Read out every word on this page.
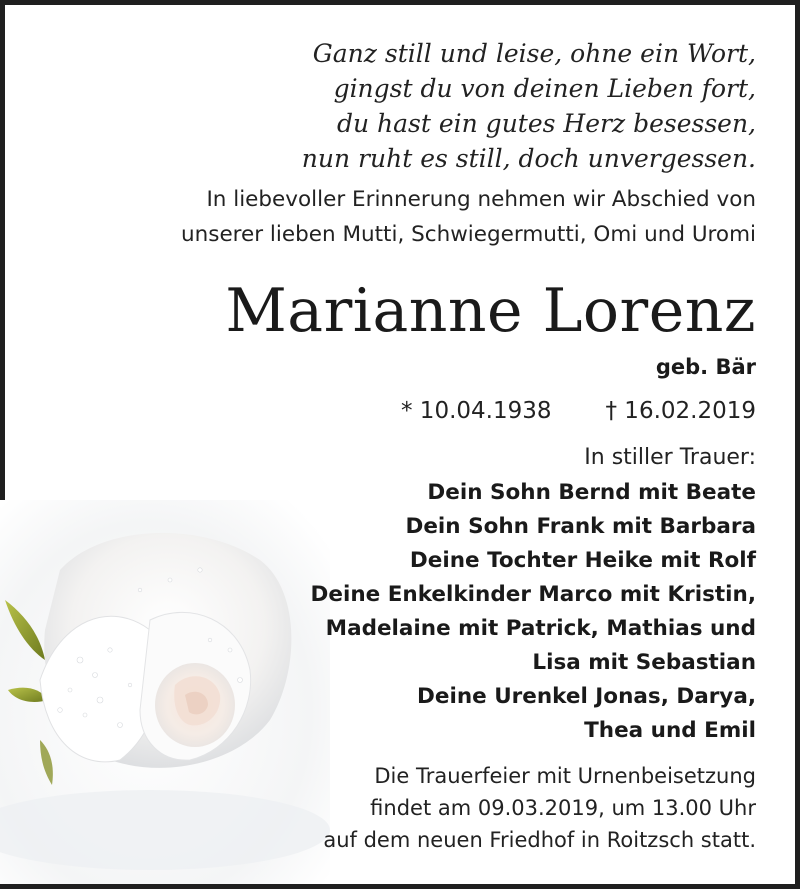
Ganz still und leise, ohne ein Wort,
gingst du von deinen Lieben fort,
du hast ein gutes Herz besessen,
nun ruht es still, doch unvergessen.
In liebevoller Erinnerung nehmen wir Abschied von
unserer lieben Mutti, Schwiegermutti, Omi und Uromi
Marianne Lorenz
geb. Bär
* 10.04.1938 † 16.02.2019
In stiller Trauer:
Dein Sohn Bernd mit Beate
Dein Sohn Frank mit Barbara
Deine Tochter Heike mit Rolf
Deine Enkelkinder Marco mit Kristin,
Madelaine mit Patrick, Mathias und
Lisa mit Sebastian
Deine Urenkel Jonas, Darya,
Thea und Emil
Die Trauerfeier mit Urnenbeisetzung
findet am 09.03.2019, um 13.00 Uhr
auf dem neuen Friedhof in Roitzsch statt.
